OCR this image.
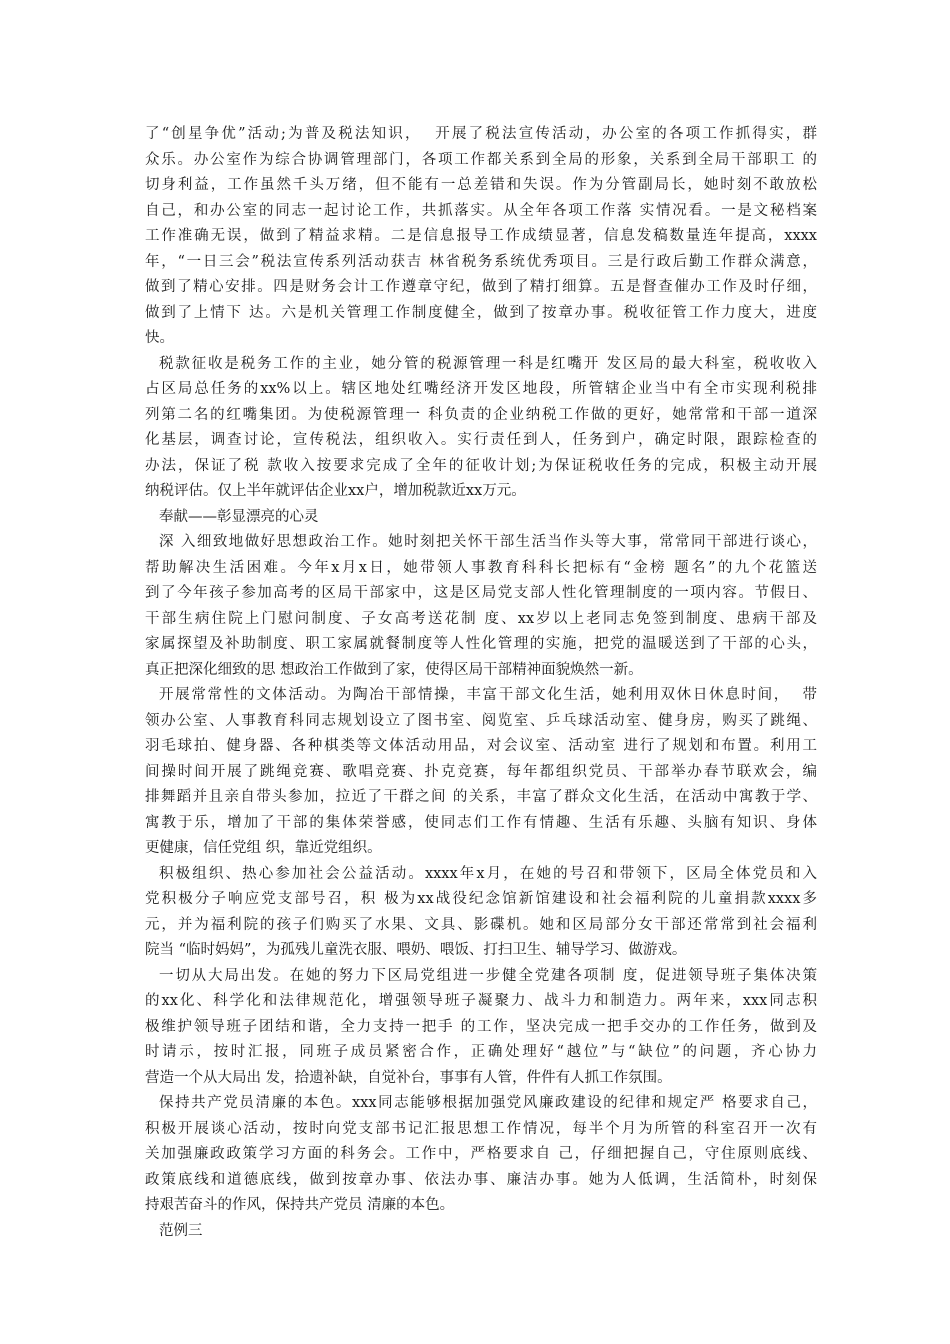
了“创星争优”活动;为普及税法知识，  开展了税法宣传活动，办公室的各项工作抓得实，群
众乐。办公室作为综合协调管理部门，各项工作都关系到全局的形象，关系到全局干部职工 的
切身利益，工作虽然千头万绪，但不能有一总差错和失误。作为分管副局长，她时刻不敢放松
自己，和办公室的同志一起讨论工作，共抓落实。从全年各项工作落 实情况看。一是文秘档案
工作准确无误，做到了精益求精。二是信息报导工作成绩显著，信息发稿数量连年提高，xxxx
年，“一日三会”税法宣传系列活动获吉 林省税务系统优秀项目。三是行政后勤工作群众满意，
做到了精心安排。四是财务会计工作遵章守纪，做到了精打细算。五是督查催办工作及时仔细，
做到了上情下 达。六是机关管理工作制度健全，做到了按章办事。税收征管工作力度大，进度
快。
税款征收是税务工作的主业，她分管的税源管理一科是红嘴开 发区局的最大科室，税收收入
占区局总任务的xx%以上。辖区地处红嘴经济开发区地段，所管辖企业当中有全市实现利税排
列第二名的红嘴集团。为使税源管理一 科负责的企业纳税工作做的更好，她常常和干部一道深
化基层，调查讨论，宣传税法，组织收入。实行责任到人，任务到户，确定时限，跟踪检查的
办法，保证了税 款收入按要求完成了全年的征收计划;为保证税收任务的完成，积极主动开展
纳税评估。仅上半年就评估企业xx户，增加税款近xx万元。
奉献——彰显漂亮的心灵
深 入细致地做好思想政治工作。她时刻把关怀干部生活当作头等大事，常常同干部进行谈心，
帮助解决生活困难。今年x月x日，她带领人事教育科科长把标有“金榜 题名”的九个花篮送
到了今年孩子参加高考的区局干部家中，这是区局党支部人性化管理制度的一项内容。节假日、
干部生病住院上门慰问制度、子女高考送花制 度、xx岁以上老同志免签到制度、患病干部及
家属探望及补助制度、职工家属就餐制度等人性化管理的实施，把党的温暖送到了干部的心头，
真正把深化细致的思 想政治工作做到了家，使得区局干部精神面貌焕然一新。
开展常常性的文体活动。为陶冶干部情操，丰富干部文化生活，她利用双休日休息时间，  带
领办公室、人事教育科同志规划设立了图书室、阅览室、乒乓球活动室、健身房，购买了跳绳、
羽毛球拍、健身器、各种棋类等文体活动用品，对会议室、活动室 进行了规划和布置。利用工
间操时间开展了跳绳竞赛、歌唱竞赛、扑克竞赛，每年都组织党员、干部举办春节联欢会，编
排舞蹈并且亲自带头参加，拉近了干群之间 的关系，丰富了群众文化生活，在活动中寓教于学、
寓教于乐，增加了干部的集体荣誉感，使同志们工作有情趣、生活有乐趣、头脑有知识、身体
更健康，信任党组 织，靠近党组织。
积极组织、热心参加社会公益活动。xxxx年x月，在她的号召和带领下，区局全体党员和入
党积极分子响应党支部号召，积 极为xx战役纪念馆新馆建设和社会福利院的儿童捐款xxxx多
元，并为福利院的孩子们购买了水果、文具、影碟机。她和区局部分女干部还常常到社会福利
院当 “临时妈妈”，为孤残儿童洗衣服、喂奶、喂饭、打扫卫生、辅导学习、做游戏。
一切从大局出发。在她的努力下区局党组进一步健全党建各项制 度，促进领导班子集体决策
的xx化、科学化和法律规范化，增强领导班子凝聚力、战斗力和制造力。两年来，xxx同志积
极维护领导班子团结和谐，全力支持一把手 的工作，坚决完成一把手交办的工作任务，做到及
时请示，按时汇报，同班子成员紧密合作，正确处理好“越位”与“缺位”的问题，齐心协力
营造一个从大局出 发，拾遗补缺，自觉补台，事事有人管，件件有人抓工作氛围。
保持共产党员清廉的本色。xxx同志能够根据加强党风廉政建设的纪律和规定严 格要求自己，
积极开展谈心活动，按时向党支部书记汇报思想工作情况，每半个月为所管的科室召开一次有
关加强廉政政策学习方面的科务会。工作中，严格要求自 己，仔细把握自己，守住原则底线、
政策底线和道德底线，做到按章办事、依法办事、廉洁办事。她为人低调，生活简朴，时刻保
持艰苦奋斗的作风，保持共产党员 清廉的本色。
范例三
